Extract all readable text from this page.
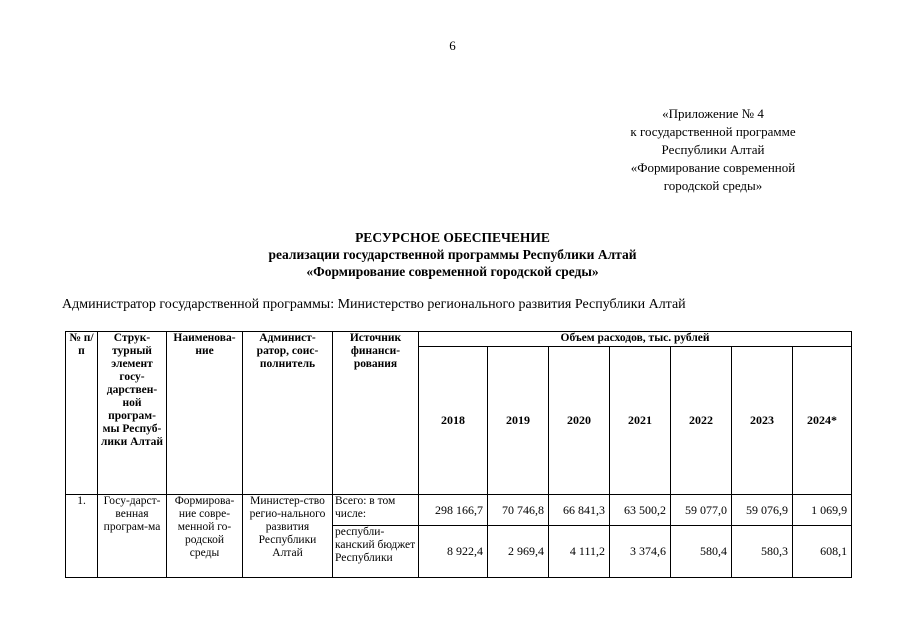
6
«Приложение № 4
к государственной программе
Республики Алтай
«Формирование современной
городской среды»
РЕСУРСНОЕ ОБЕСПЕЧЕНИЕ
реализации государственной программы Республики Алтай
«Формирование современной городской среды»
Администратор государственной программы: Министерство регионального развития Республики Алтай
№ п/п	Струк-турный элемент госу-дарствен-ной програм-мы Респуб-лики Алтай	Наименова-ние	Админист-ратор, соис-полнитель	Источник финанси-рования	Объем расходов, тыс. рублей						
					2018	2019	2020	2021	2022	2023	2024*
1.	Госу-дарст-венная програм-ма	Формирова-ние совре-менной го-родской среды	Министер-ство регио-нального развития Республики Алтай	Всего: в том числе:	298 166,7	70 746,8	66 841,3	63 500,2	59 077,0	59 076,9	1 069,9
				республи-канский бюджет Республики	8 922,4	2 969,4	4 111,2	3 374,6	580,4	580,3	608,1
